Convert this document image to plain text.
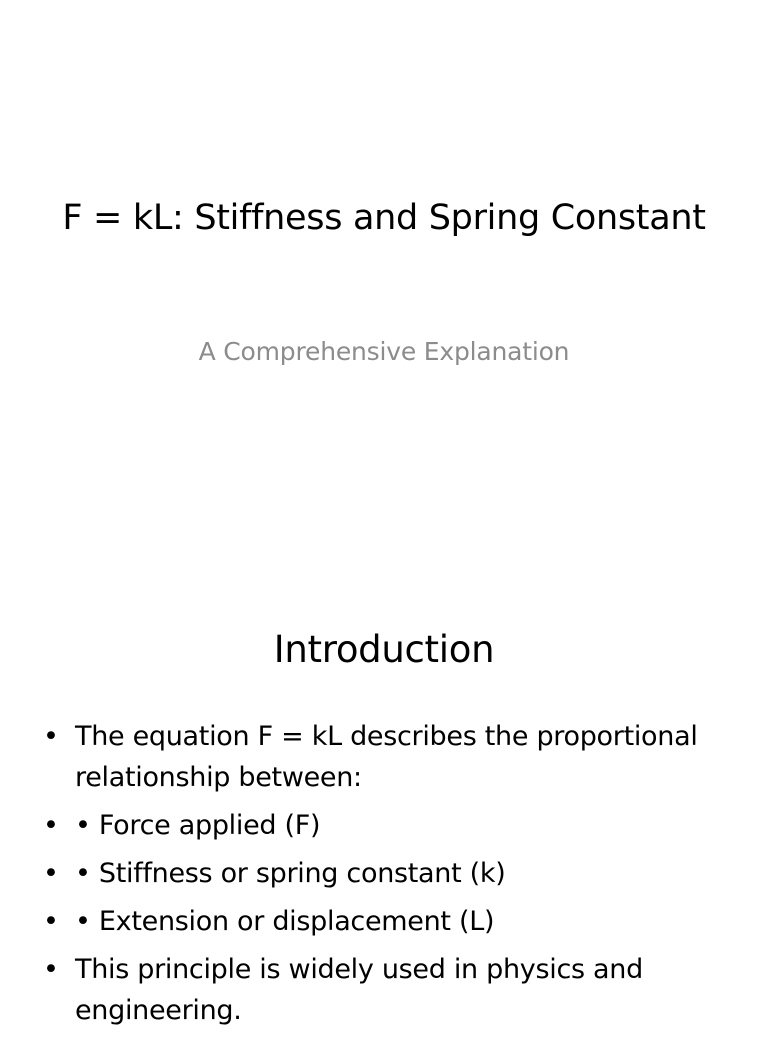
F = kL: Stiffness and Spring Constant

A Comprehensive Explanation

Introduction
• The equation F = kL describes the proportional relationship between:
• • Force applied (F)
• • Stiffness or spring constant (k)
• • Extension or displacement (L)
• This principle is widely used in physics and engineering.
